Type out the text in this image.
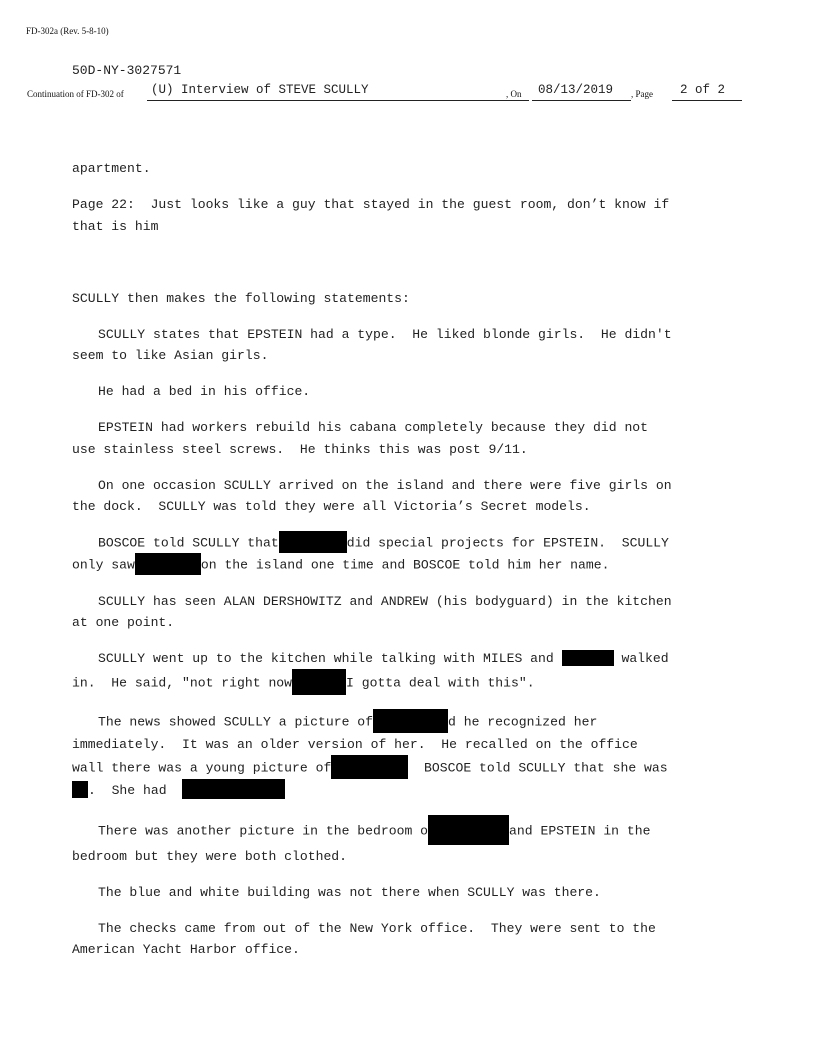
FD-302a (Rev. 5-8-10)
50D-NY-3027571
Continuation of FD-302 of (U) Interview of STEVE SCULLY	, On 08/13/2019 , Page 2 of 2
apartment.
Page 22:  Just looks like a guy that stayed in the guest room, don’t know if
that is him
SCULLY then makes the following statements:
SCULLY states that EPSTEIN had a type.  He liked blonde girls.  He didn't
seem to like Asian girls.
He had a bed in his office.
EPSTEIN had workers rebuild his cabana completely because they did not
use stainless steel screws.  He thinks this was post 9/11.
On one occasion SCULLY arrived on the island and there were five girls on
the dock.  SCULLY was told they were all Victoria’s Secret models.
BOSCOE told SCULLY that	did special projects for EPSTEIN.  SCULLY
only saw	on the island one time and BOSCOE told him her name.
SCULLY has seen ALAN DERSHOWITZ and ANDREW (his bodyguard) in the kitchen
at one point.
SCULLY went up to the kitchen while talking with MILES and	walked
in.  He said, "not right now	I gotta deal with this".
The news showed SCULLY a picture of	d he recognized her
immediately.  It was an older version of her.  He recalled on the office
wall there was a young picture of	BOSCOE told SCULLY that she was
.  She had
There was another picture in the bedroom o	and EPSTEIN in the
bedroom but they were both clothed.
The blue and white building was not there when SCULLY was there.
The checks came from out of the New York office.  They were sent to the
American Yacht Harbor office.
